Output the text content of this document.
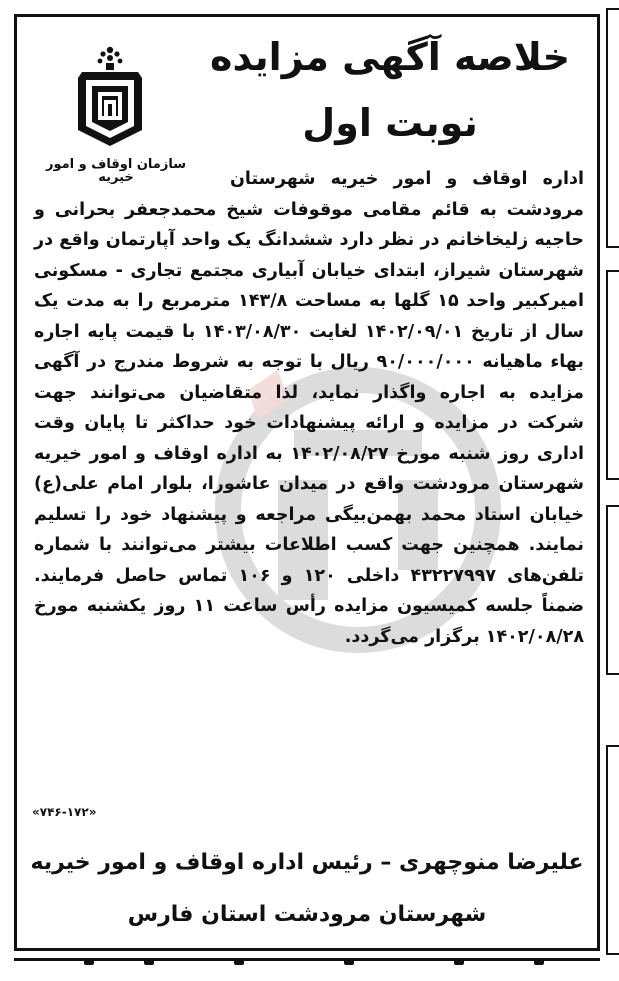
خلاصه آگهی مزایده
نوبت اول
سازمان اوقاف و امور خیریه	اداره اوقاف و امور خیریه شهرستان مرودشت به قائم مقامی موقوفات شیخ محمدجعفر بحرانی و حاجیه زلیخاخانم در نظر دارد ششدانگ یک واحد آپارتمان واقع در شهرستان شیراز، ابتدای خیابان آبیاری مجتمع تجاری - مسکونی امیرکبیر واحد ۱۵ گلها به مساحت ۱۴۳/۸ مترمربع را به مدت یک سال از تاریخ ۱۴۰۲/۰۹/۰۱ لغایت ۱۴۰۳/۰۸/۳۰ با قیمت پایه اجاره بهاء ماهیانه ۹۰/۰۰۰/۰۰۰ ریال با توجه به شروط مندرج در آگهی مزایده به اجاره واگذار نماید، لذا متقاضیان می‌توانند جهت شرکت در مزایده و ارائه پیشنهادات خود حداکثر تا پایان وقت اداری روز شنبه مورخ ۱۴۰۲/۰۸/۲۷ به اداره اوقاف و امور خیریه شهرستان مرودشت واقع در میدان عاشورا، بلوار امام علی(ع) خیابان استاد محمد بهمن‌بیگی مراجعه و پیشنهاد خود را تسلیم نمایند. همچنین جهت کسب اطلاعات بیشتر می‌توانند با شماره تلفن‌های ۴۳۲۲۷۹۹۷ داخلی ۱۲۰ و ۱۰۶ تماس حاصل فرمایند. ضمناً جلسه کمیسیون مزایده رأس ساعت ۱۱ روز یکشنبه مورخ ۱۴۰۲/۰۸/۲۸ برگزار می‌گردد.

«۷۴۶-۱۷۲»
علیرضا منوچهری – رئیس اداره اوقاف و امور خیریه
شهرستان مرودشت استان فارس
